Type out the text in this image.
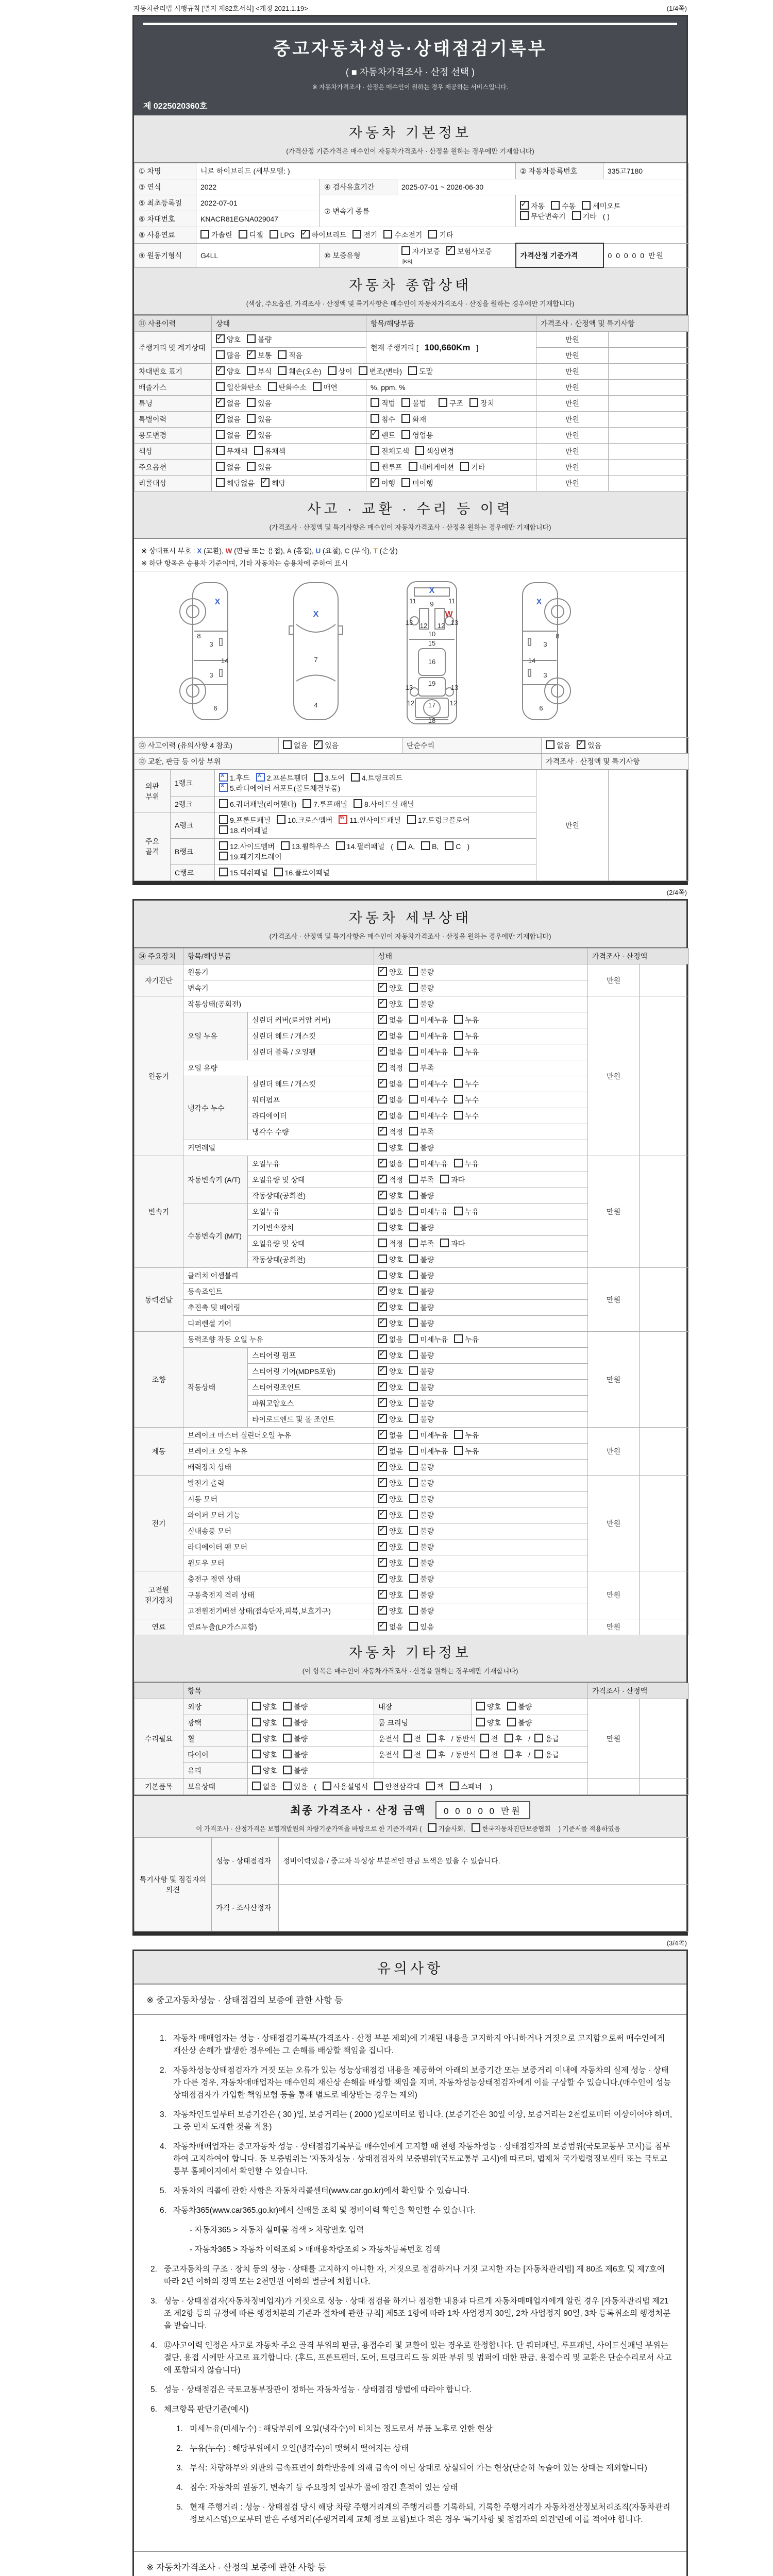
자동차관리법 시행규칙 [별지 제82호서식] <개정 2021.1.19>	(1/4쪽)
중고자동차성능·상태점검기록부
( ■ 자동차가격조사 · 산정 선택 )
※ 자동차가격조사 · 산정은 매수인이 원하는 경우 제공하는 서비스입니다.
제 0225020360호
자동차 기본정보
(가격산정 기준가격은 매수인이 자동차가격조사 · 산정을 원하는 경우에만 기재합니다)
① 차명	니로 하이브리드 (세부모델: )			② 자동차등록번호	335고7180
③ 연식	2022	④ 검사유효기간	2025-07-01 ~ 2026-06-30		
⑤ 최초등록일	2022-07-01	⑦ 변속기 종류	✓자동 수동 세미오토
무단변속기 기타 ( )
⑥ 차대번호	KNACR81EGNA029047				
⑧ 사용연료	가솔린 디젤 LPG ✓ 하이브리드 전기 수소전기 기타
⑨ 원동기형식	G4LL	⑩ 보증유형	자가보증 ✓ 보험사보증[KB]	가격산정 기준가격	0 0 0 0 0 만원
자동차 종합상태
(색상, 주요옵션, 가격조사 · 산정액 및 특기사항은 매수인이 자동차가격조사 · 산정을 원하는 경우에만 기재합니다)
⑪ 사용이력	상태	항목/해당부품	가격조사 · 산정액 및 특기사항	
주행거리 및 계기상태	✓양호 불량	현재 주행거리 [ 100,660Km ]	만원	
	많음 ✓ 보통 적음		만원	
차대번호 표기	✓양호 부식 훼손(오손) 상이 변조(변타) 도말		만원	
배출가스	일산화탄소 탄화수소 매연	%, ppm, %	만원	
튜닝	✓없음 있음	적법 불법 구조 장치	만원	
특별이력	✓없음 있음	침수 화재	만원	
용도변경	없음 ✓ 있음	✓렌트 영업용	만원	
색상	무채색 유채색	전체도색 색상변경	만원	
주요옵션	없음 있음	썬루프 네비게이션 기타	만원	
리콜대상	해당없음 ✓ 해당	✓이행 미이행	만원	
사고 · 교환 · 수리 등 이력
(가격조사 · 산정액 및 특기사항은 매수인이 자동차가격조사 · 산정을 원하는 경우에만 기재합니다)
※ 상태표시 부호 : X (교환), W (판금 또는 용접), A (흠집), U (요철), C (부식), T (손상)
※ 하단 항목은 승용차 기준이며, 기타 자동차는 승용차에 준하여 표시
X
8
3
14
3
6
X
7
4
X
9
11	11
W
13	13
12 12
10
15
16
19
13	13
12	12
17
18
X
3
8
14
3
6
⑫ 사고이력 (유의사항 4 참조)	없음 ✓ 있음	단순수리	없음 ✓ 있음
⑬ 교환, 판금 등 이상 부위			가격조사 · 산정액 및 특기사항
외판 부위	1랭크	X1.후드 X 2.프론트휀더 3.도어 4.트렁크리드
X5.라디에이터 서포트(볼트체결부품)	만원	
	2랭크	6.쿼더패널(리어휀다) 7.루프패널 8.사이드실 패널		
주요 골격	A랭크	9.프론트패널 10.크로스멤버 W 11.인사이드패널 17.트렁크플로어
18.리어패널
	B랭크	12.사이드멤버 13.휠하우스 14.필러패널 ( A, B, C )
19.패키지트레이		
	C랭크	15.대쉬패널 16.플로어패널		
(2/4쪽)
자동차 세부상태
(가격조사 · 산정액 및 특기사항은 매수인이 자동차가격조사 · 산정을 원하는 경우에만 기재합니다)
⑭ 주요장치	항목/해당부품		상태	가격조사 · 산정액	
자기진단	원동기	✓양호 불량	만원	
	변속기	✓양호 불량
원동기	작동상태(공회전)	✓양호 불량	만원	
	오일 누유	실린더 커버(로커암 커버)	✓없음 미세누유 누유
		실린더 헤드 / 개스킷	✓없음 미세누유 누유
		실린더 블록 / 오일팬	✓없음 미세누유 누유
	오일 유량	✓적정 부족
	냉각수 누수	실린더 헤드 / 개스킷	✓없음 미세누수 누수
		워터펌프	✓없음 미세누수 누수
		라디에이터	✓없음 미세누수 누수
		냉각수 수량	✓적정 부족
	커먼레일		양호 불량		
변속기	자동변속기 (A/T)	오일누유	✓없음 미세누유 누유	만원	
		오일유량 및 상태	✓적정 부족 과다
		작동상태(공회전)	✓양호 불량
	수동변속기 (M/T)	오일누유	없음 미세누유 누유		
		기어변속장치	양호 불량		
		오일유량 및 상태	적정 부족 과다		
		작동상태(공회전)	양호 불량		
동력전달	클러치 어셈블리		양호 불량	만원	
	등속죠인트	✓양호 불량
	추진축 및 베어링	✓양호 불량
	디퍼렌셜 기어	✓양호 불량
조향	동력조향 작동 오일 누유	✓없음 미세누유 누유	만원	
	작동상태	스티어링 펌프	✓양호 불량
		스티어링 기어(MDPS포함)	✓양호 불량
		스티어링조인트	✓양호 불량
		파워고압호스	✓양호 불량
		타이로드엔드 및 볼 조인트	✓양호 불량
제동	브레이크 마스터 실린더오일 누유	✓없음 미세누유 누유	만원	
	브레이크 오일 누유	✓없음 미세누유 누유
	배력장치 상태	✓양호 불량
전기	발전기 출력	✓양호 불량	만원	
	시동 모터	✓양호 불량
	와이퍼 모터 기능	✓양호 불량
	실내송풍 모터	✓양호 불량
	라디에이터 팬 모터	✓양호 불량
	윈도우 모터	✓양호 불량
고전원 전기장치	충전구 절연 상태	✓양호 불량	만원	
	구동축전지 격리 상태	✓양호 불량
	고전원전기배선 상태(접속단자,피복,보호기구)	✓양호 불량
연료	연료누출(LP가스포함)	✓없음 있음	만원	
자동차 기타정보
(이 항목은 매수인이 자동차가격조사 · 산정을 원하는 경우에만 기재합니다)
	항목				가격조사 · 산정액	
수리필요	외장	양호 불량	내장	양호 불량	만원	
	광택	양호 불량	룸 크리닝	양호 불량		
	휠	양호 불량	운전석 전 후 / 동반석 전 후 / 응급			
	타이어	양호 불량	운전석 전 후 / 동반석 전 후 / 응급			
	유리	양호 불량				
기본품목	보유상태	없음 있음 ( 사용설명서 안전삼각대 잭 스패너 )				
최종 가격조사 · 산정 금액 0 0 0 0 0 만원
이 가격조사 · 산정가격은 보험개발원의 차량기준가액을 바탕으로 한 기준가격과 ( 기술사회,	한국자동차진단보증협회 ) 기준서를 적용하였음
특기사항 및 점검자의 의견	성능 · 상태점검자	정비이력있음 / 중고차 특성상 부분적인 판금 도색은 있을 수 있습니다.
	가격 · 조사산정자	
(3/4쪽)
유의사항
※ 중고자동차성능 · 상태점검의 보증에 관한 사항 등
1. 자동차 매매업자는 성능 · 상태점검기록부(가격조사 · 산정 부분 제외)에 기재된 내용을 고지하지 아니하거나 거짓으로 고지함으로써 매수인에게 재산상 손해가 발생한 경우에는 그 손해를 배상할 책임을 집니다.
2. 자동차성능상태점검자가 거짓 또는 오류가 있는 성능상태점검 내용을 제공하여 아래의 보증기간 또는 보증거리 이내에 자동차의 실제 성능 · 상태가 다른 경우, 자동차매매업자는 매수인의 재산상 손해를 배상할 책임을 지며, 자동차성능상태점검자에게 이를 구상할 수 있습니다.(매수인이 성능상태점검자가 가입한 책임보험 등을 통해 별도로 배상받는 경우는 제외)
3. 자동차인도일부터 보증기간은 ( 30 )일, 보증거리는 ( 2000 )킬로미터로 합니다. (보증기간은 30일 이상, 보증거리는 2천킬로미터 이상이어야 하며, 그 중 먼저 도래한 것을 적용)
4. 자동차매매업자는 중고자동차 성능 · 상태점검기록부를 매수인에게 고지할 때 현행 자동차성능 · 상태점검자의 보증범위(국토교통부 고시)를 첨부하여 고지하여야 합니다. 동 보증범위는 '자동차성능 · 상태점검자의 보증범위'(국토교통부 고시)에 따르며, 법제처 국가법령정보센터 또는 국토교통부 홈페이지에서 확인할 수 있습니다.
5. 자동차의 리콜에 관한 사항은 자동차리콜센터(www.car.go.kr)에서 확인할 수 있습니다.
6. 자동차365(www.car365.go.kr)에서 실매물 조회 및 정비이력 확인을 확인할 수 있습니다.
- 자동차365 > 자동차 실매물 검색 > 차량번호 입력
- 자동차365 > 자동차 이력조회 > 매매용차량조회 > 자동차등록번호 검색
2. 중고자동차의 구조 · 장치 등의 성능 · 상태를 고지하지 아니한 자, 거짓으로 점검하거나 거짓 고지한 자는 [자동차관리법] 제 80조 제6호 및 제7호에 따라 2년 이하의 징역 또는 2천만원 이하의 벌금에 처합니다.
3. 성능 · 상태점검자(자동차정비업자)가 거짓으로 성능 · 상태 점검을 하거나 점검한 내용과 다르게 자동차매매업자에게 알린 경우 [자동차관리법 제21조 제2항 등의 규정에 따른 행정처분의 기준과 절차에 관한 규칙] 제5조 1항에 따라 1차 사업정지 30일, 2차 사업정지 90일, 3차 등록취소의 행정처분을 받습니다.
4. ⑫사고이력 인정은 사고로 자동차 주요 골격 부위의 판금, 용접수리 및 교환이 있는 경우로 한정합니다. 단 쿼터패널, 루프패널, 사이드실패널 부위는 절단, 용접 시에만 사고로 표기합니다. (후드, 프론트펜더, 도어, 트렁크리드 등 외판 부위 및 범퍼에 대한 판금, 용접수리 및 교환은 단순수리로서 사고에 포함되지 않습니다)
5. 성능 · 상태점검은 국토교통부장관이 정하는 자동차성능 · 상태점검 방법에 따라야 합니다.
6. 체크항목 판단기준(예시)
1. 미세누유(미세누수) : 해당부위에 오일(냉각수)이 비치는 정도로서 부품 노후로 인한 현상
2. 누유(누수) : 해당부위에서 오일(냉각수)이 맺혀서 떨어지는 상태
3. 부식: 차량하부와 외판의 금속표면이 화학반응에 의해 금속이 아닌 상태로 상실되어 가는 현상(단순히 녹슬어 있는 상태는 제외합니다)
4. 침수: 자동차의 원동기, 변속기 등 주요장치 일부가 물에 잠긴 흔적이 있는 상태
5. 현재 주행거리 : 성능 · 상태점검 당시 해당 차량 주행거리계의 주행거리를 기록하되, 기록한 주행거리가 자동차전산정보처리조직(자동차관리정보시스템)으로부터 받은 주행거리(주행거리계 교체 정보 포함)보다 적은 경우 '특기사항 및 점검자의 의견'란에 이를 적어야 합니다.
※ 자동차가격조사 · 산정의 보증에 관한 사항 등
